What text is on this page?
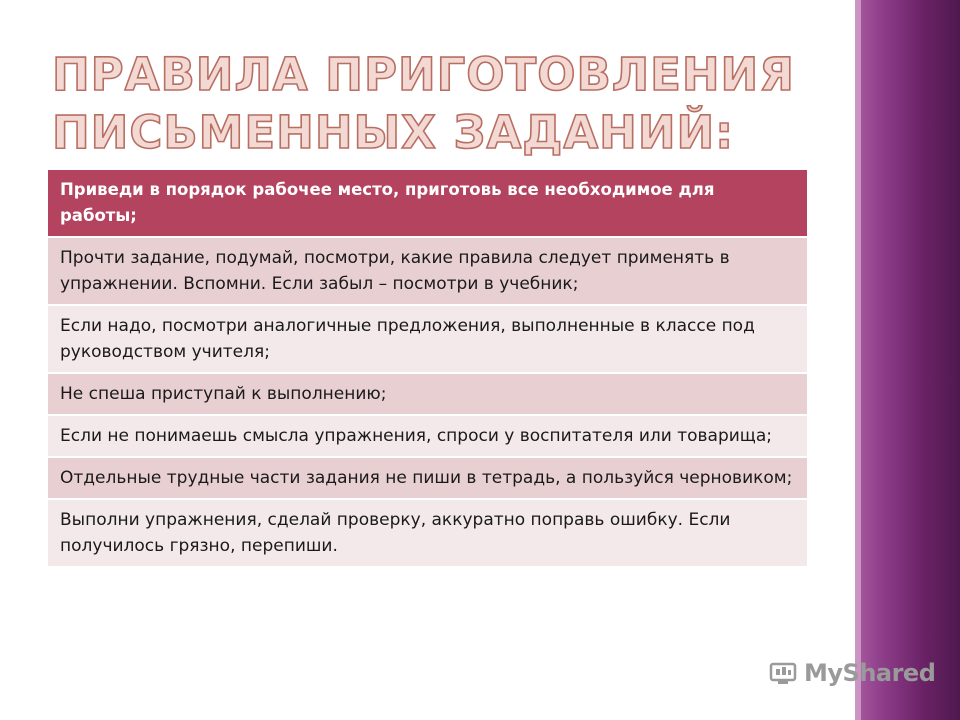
ПРАВИЛА ПРИГОТОВЛЕНИЯ
ПИСЬМЕННЫХ ЗАДАНИЙ:
Приведи в порядок рабочее место, приготовь все необходимое для работы;
Прочти задание, подумай, посмотри, какие правила следует применять в упражнении. Вспомни. Если забыл – посмотри в учебник;
Если надо, посмотри аналогичные предложения, выполненные в классе под руководством учителя;
Не спеша приступай к выполнению;
Если не понимаешь смысла упражнения, спроси у воспитателя или товарища;
Отдельные трудные части задания не пиши в тетрадь, а пользуйся черновиком;
Выполни упражнения, сделай проверку, аккуратно поправь ошибку. Если получилось грязно, перепиши.
MyShared
